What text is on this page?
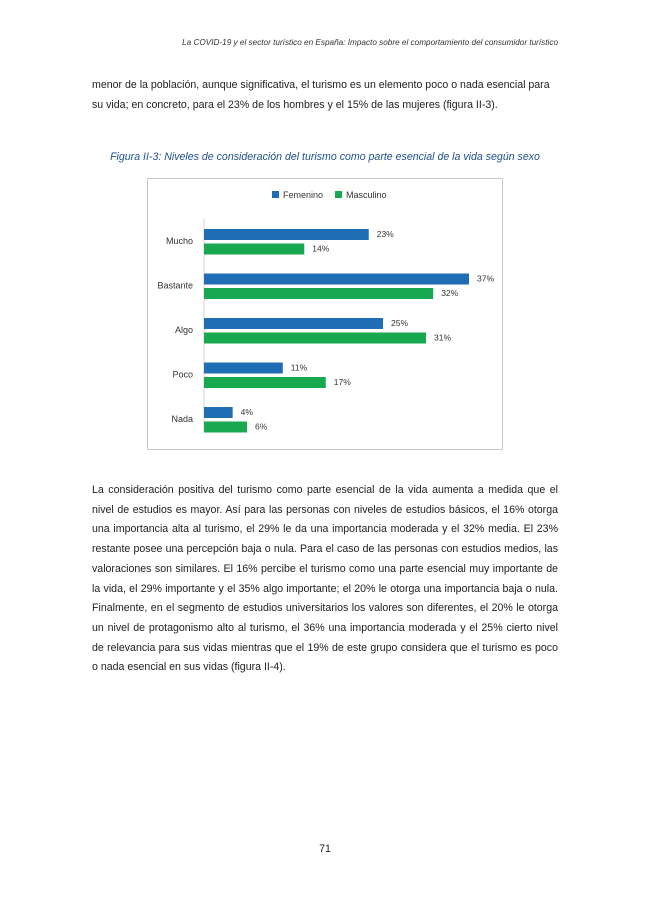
La COVID-19 y el sector turístico en España: Impacto sobre el comportamiento del consumidor turístico
menor de la población, aunque significativa, el turismo es un elemento poco o nada esencial para su vida; en concreto, para el 23% de los hombres y el 15% de las mujeres (figura II-3).
Figura II-3: Niveles de consideración del turismo como parte esencial de la vida según sexo
Femenino	Masculino
Mucho
23%
14%
Bastante
37%
32%
Algo
25%
31%
Poco
11%
17%
Nada
4%
6%
La consideración positiva del turismo como parte esencial de la vida aumenta a medida que el nivel de estudios es mayor. Así para las personas con niveles de estudios básicos, el 16% otorga una importancia alta al turismo, el 29% le da una importancia moderada y el 32% media. El 23% restante posee una percepción baja o nula. Para el caso de las personas con estudios medios, las valoraciones son similares. El 16% percibe el turismo como una parte esencial muy importante de la vida, el 29% importante y el 35% algo importante; el 20% le otorga una importancia baja o nula. Finalmente, en el segmento de estudios universitarios los valores son diferentes, el 20% le otorga un nivel de protagonismo alto al turismo, el 36% una importancia moderada y el 25% cierto nivel de relevancia para sus vidas mientras que el 19% de este grupo considera que el turismo es poco o nada esencial en sus vidas (figura II-4).
71
